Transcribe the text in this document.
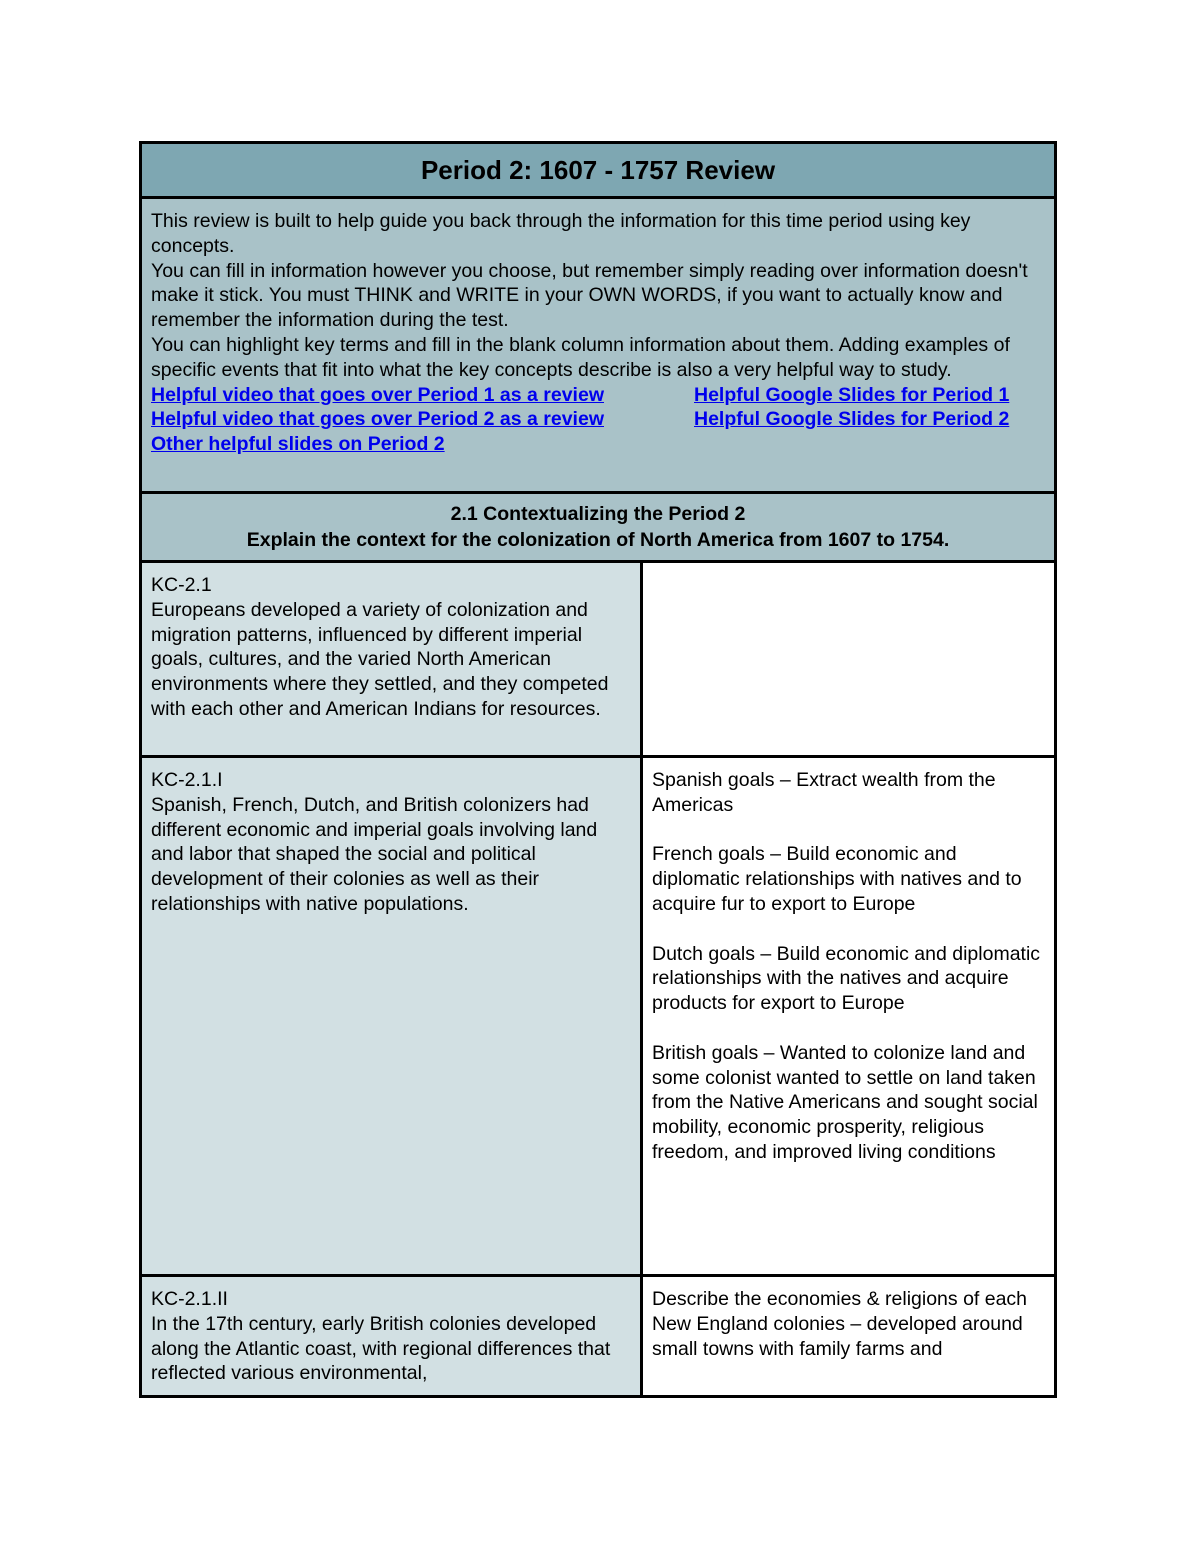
Period 2: 1607 - 1757 Review

This review is built to help guide you back through the information for this time period using key concepts.

You can fill in information however you choose, but remember simply reading over information doesn't make it stick. You must THINK and WRITE in your OWN WORDS, if you want to actually know and remember the information during the test.

You can highlight key terms and fill in the blank column information about them. Adding examples of specific events that fit into what the key concepts describe is also a very helpful way to study.

Helpful video that goes over Period 1 as a review	Helpful Google Slides for Period 1
Helpful video that goes over Period 2 as a review	Helpful Google Slides for Period 2
Other helpful slides on Period 2
2.1 Contextualizing the Period 2
Explain the context for the colonization of North America from 1607 to 1754.
KC-2.1
Europeans developed a variety of colonization and migration patterns, influenced by different imperial goals, cultures, and the varied North American environments where they settled, and they competed with each other and American Indians for resources.
KC-2.1.I
Spanish, French, Dutch, and British colonizers had different economic and imperial goals involving land and labor that shaped the social and political development of their colonies as well as their relationships with native populations.

Spanish goals – Extract wealth from the Americas

French goals – Build economic and diplomatic relationships with natives and to acquire fur to export to Europe

Dutch goals – Build economic and diplomatic relationships with the natives and acquire products for export to Europe

British goals – Wanted to colonize land and some colonist wanted to settle on land taken from the Native Americans and sought social mobility, economic prosperity, religious freedom, and improved living conditions

KC-2.1.II
In the 17th century, early British colonies developed along the Atlantic coast, with regional differences that reflected various environmental,

Describe the economies & religions of each

New England colonies – developed around small towns with family farms and
